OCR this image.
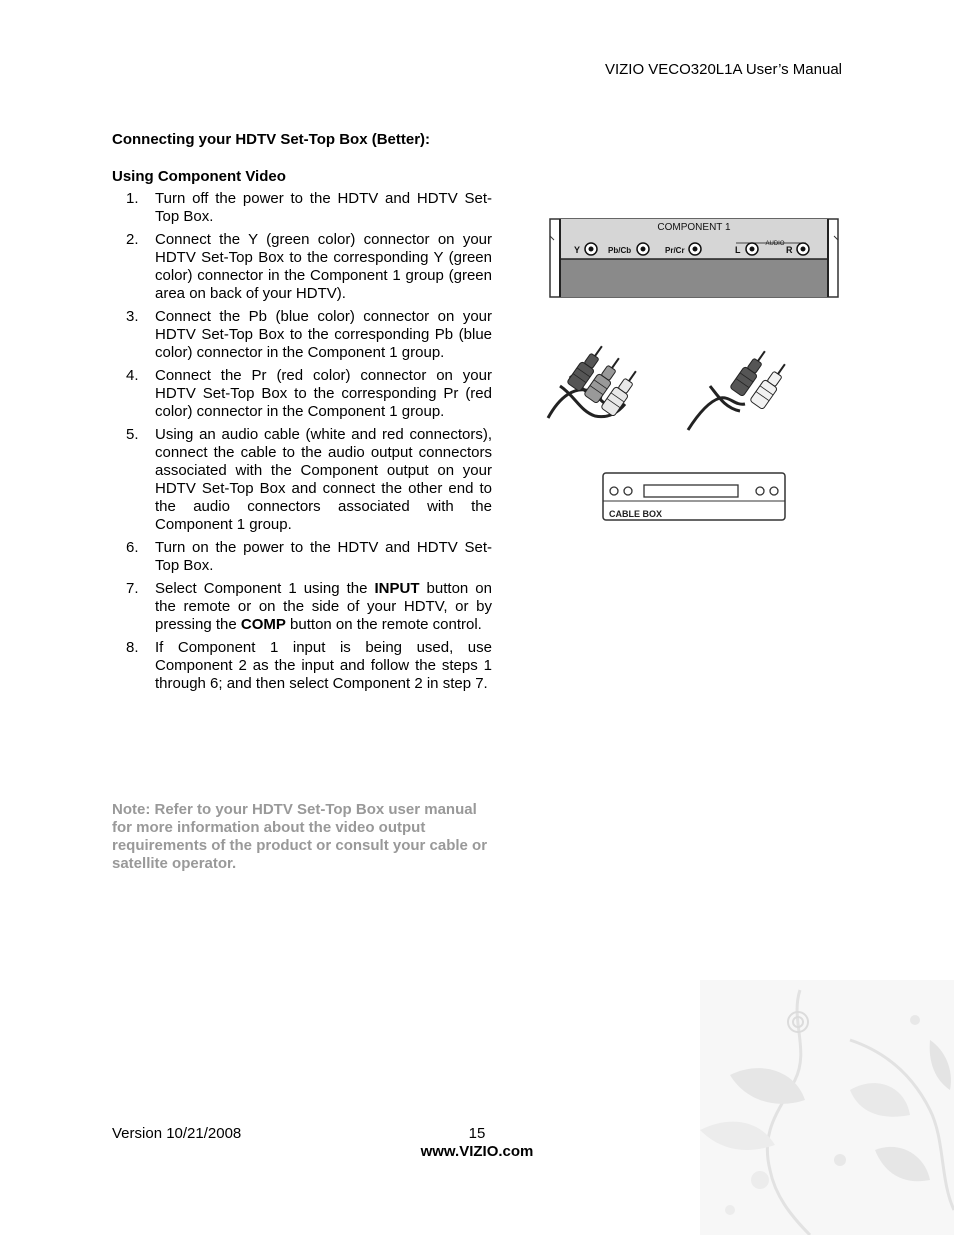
VIZIO VECO320L1A User’s Manual
Connecting your HDTV Set-Top Box (Better):
Using Component Video
1. Turn off the power to the HDTV and HDTV Set-Top Box.
2. Connect the Y (green color) connector on your HDTV Set-Top Box to the corresponding Y (green color) connector in the Component 1 group (green area on back of your HDTV).
3. Connect the Pb (blue color) connector on your HDTV Set-Top Box to the corresponding Pb (blue color) connector in the Component 1 group.
4. Connect the Pr (red color) connector on your HDTV Set-Top Box to the corresponding Pr (red color) connector in the Component 1 group.
5. Using an audio cable (white and red connectors), connect the cable to the audio output connectors associated with the Component output on your HDTV Set-Top Box and connect the other end to the audio connectors associated with the Component 1 group.
6. Turn on the power to the HDTV and HDTV Set-Top Box.
7. Select Component 1 using the INPUT button on the remote or on the side of your HDTV, or by pressing the COMP button on the remote control.
8. If Component 1 input is being used, use Component 2 as the input and follow the steps 1 through 6; and then select Component 2 in step 7.
Note: Refer to your HDTV Set-Top Box user manual for more information about the video output requirements of the product or consult your cable or satellite operator.
COMPONENT 1
AUDIO
Y	Pb/Cb	Pr/Cr	L	R
CABLE BOX
Version 10/21/2008	15
www.VIZIO.com
